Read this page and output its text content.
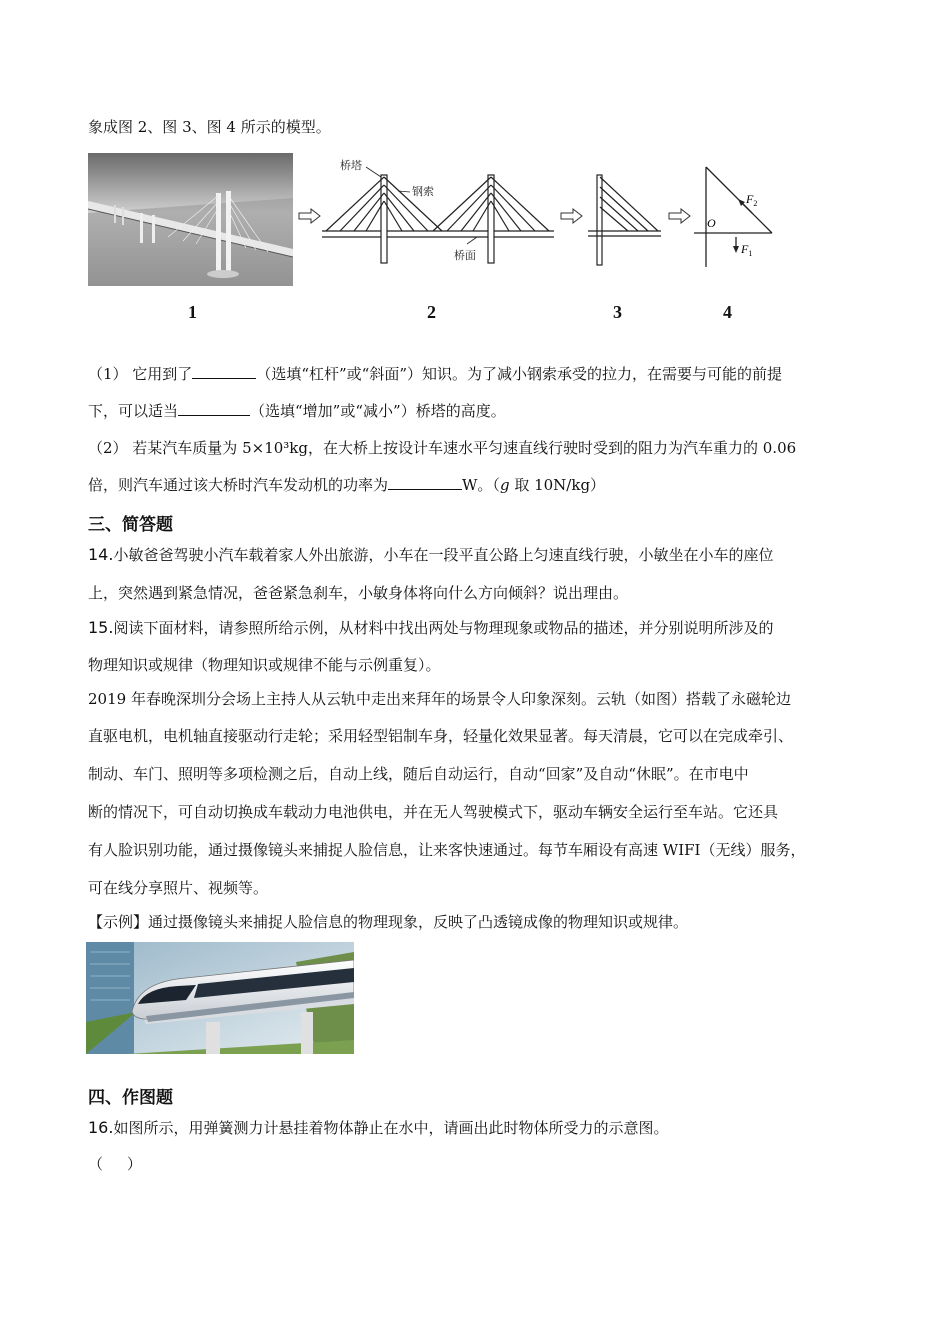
象成图 2、图 3、图 4 所示的模型。
1
桥塔
钢索
桥面
2	3
O
$F_2$
$F_1$
4
（1） 它用到了	（选填“杠杆”或“斜面”）知识。为了减小钢索承受的拉力，在需要与可能的前提
下，可以适当	（选填“增加”或“减小”）桥塔的高度。
（2） 若某汽车质量为 5×10³kg，在大桥上按设计车速水平匀速直线行驶时受到的阻力为汽车重力的 0.06
倍，则汽车通过该大桥时汽车发动机的功率为	W。（g 取 10N/kg）
三、简答题
14.小敏爸爸驾驶小汽车载着家人外出旅游，小车在一段平直公路上匀速直线行驶，小敏坐在小车的座位
上，突然遇到紧急情况，爸爸紧急刹车，小敏身体将向什么方向倾斜？说出理由。
15.阅读下面材料，请参照所给示例，从材料中找出两处与物理现象或物品的描述，并分别说明所涉及的
物理知识或规律（物理知识或规律不能与示例重复）。
2019 年春晚深圳分会场上主持人从云轨中走出来拜年的场景令人印象深刻。云轨（如图）搭载了永磁轮边
直驱电机，电机轴直接驱动行走轮；采用轻型铝制车身，轻量化效果显著。每天清晨，它可以在完成牵引、
制动、车门、照明等多项检测之后，自动上线，随后自动运行，自动“回家”及自动“休眠”。在市电中
断的情况下，可自动切换成车载动力电池供电，并在无人驾驶模式下，驱动车辆安全运行至车站。它还具
有人脸识别功能，通过摄像镜头来捕捉人脸信息，让来客快速通过。每节车厢设有高速 WIFI（无线）服务，
可在线分享照片、视频等。
【示例】通过摄像镜头来捕捉人脸信息的物理现象，反映了凸透镜成像的物理知识或规律。
四、作图题
16.如图所示，用弹簧测力计悬挂着物体静止在水中，请画出此时物体所受力的示意图。
（     ）
